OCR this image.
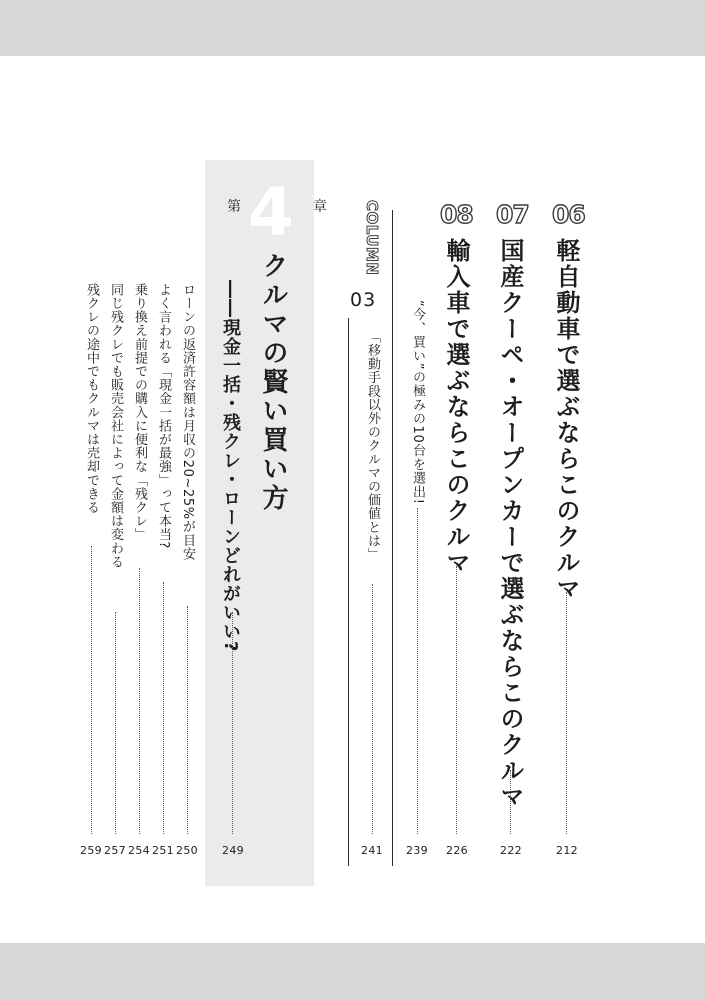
06
軽自動車で選ぶならこのクルマ
212
07
国産クーペ・オープンカーで選ぶならこのクルマ
222
08
輸入車で選ぶならこのクルマ
226
COLUMN
03	“今、買い”の極みの10台を選出!
239
「移動手段以外のクルマの価値とは」
241
第 4 章
クルマの賢い買い方
――現金一括・残クレ・ローンどれがいい?
249
ローンの返済許容額は月収の20~25%が目安
250
よく言われる「現金一括が最強」って本当?
251
乗り換え前提での購入に便利な「残クレ」
254
同じ残クレでも販売会社によって金額は変わる
257
残クレの途中でもクルマは売却できる
259
